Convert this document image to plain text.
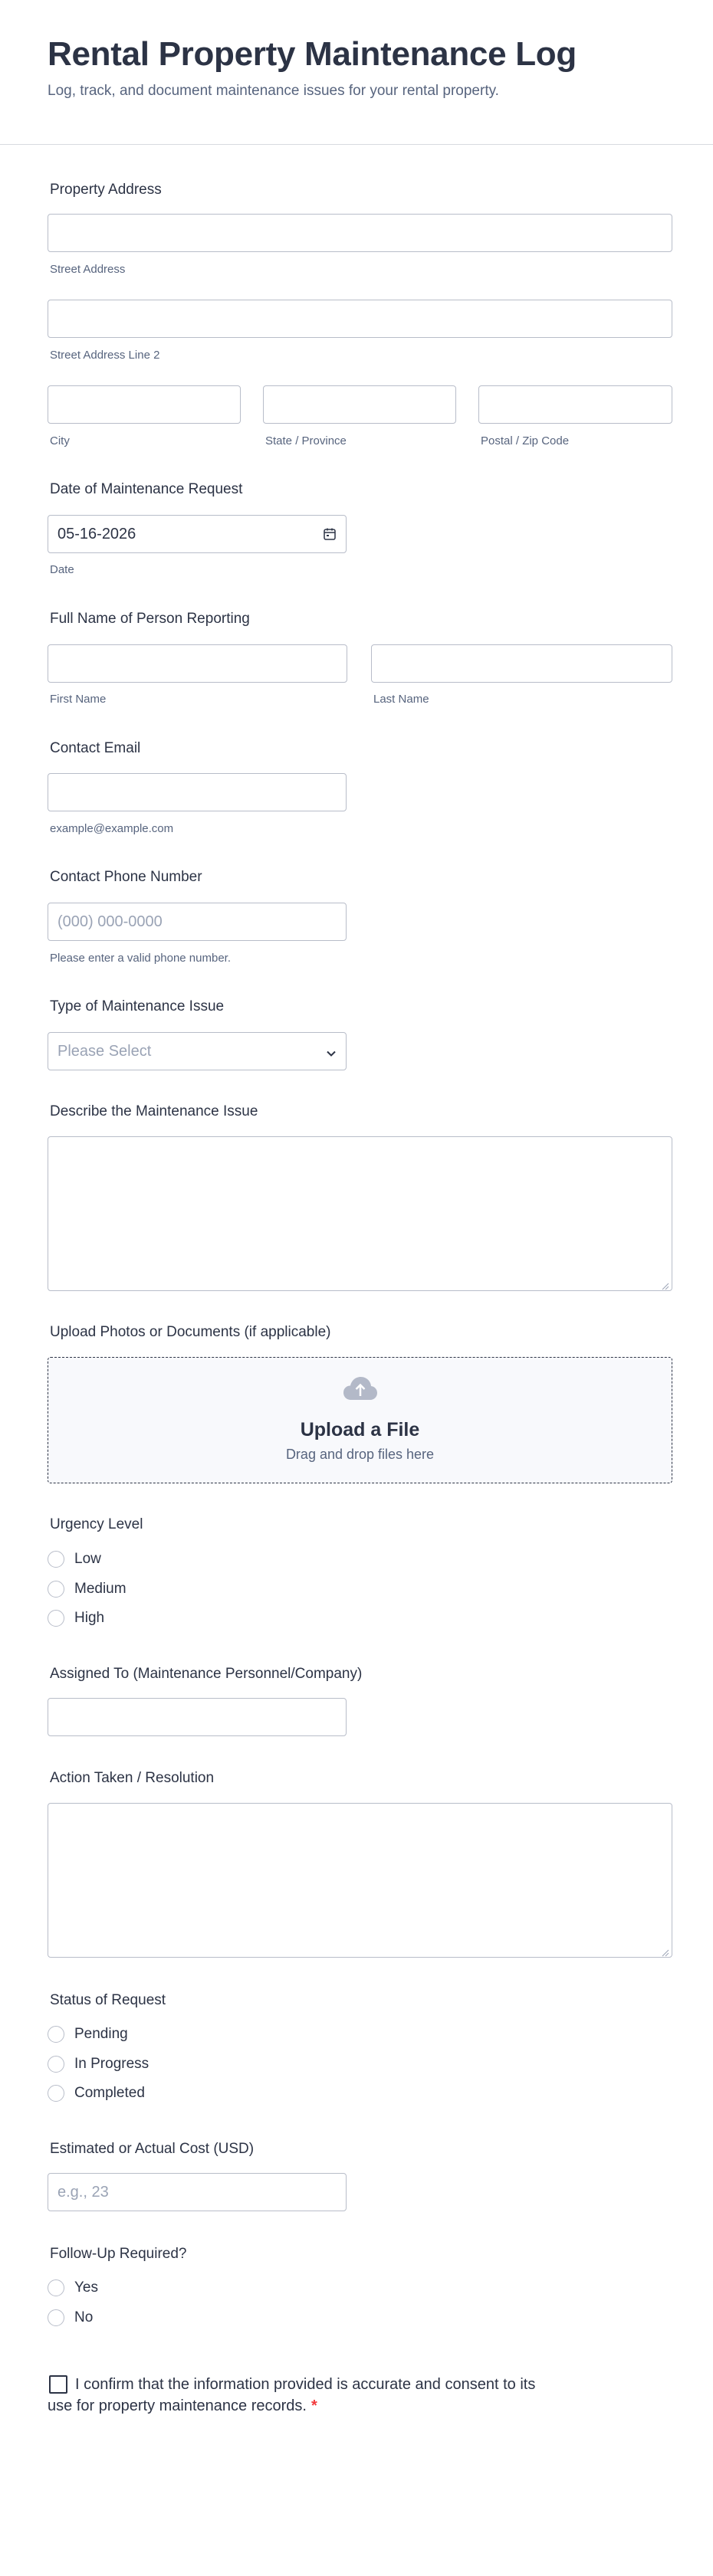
Rental Property Maintenance Log
Log, track, and document maintenance issues for your rental property.
Property Address
Street Address
Street Address Line 2
City	State / Province	Postal / Zip Code
Date of Maintenance Request
05-16-2026
Date
Full Name of Person Reporting
First Name	Last Name
Contact Email
example@example.com
Contact Phone Number
(000) 000-0000
Please enter a valid phone number.
Type of Maintenance Issue
Please Select
Describe the Maintenance Issue
Upload Photos or Documents (if applicable)
Upload a File
Drag and drop files here
Urgency Level
Low
Medium
High
Assigned To (Maintenance Personnel/Company)
Action Taken / Resolution
Status of Request
Pending
In Progress
Completed
Estimated or Actual Cost (USD)
e.g., 23
Follow-Up Required?
Yes
No
I confirm that the information provided is accurate and consent to its
use for property maintenance records. *
